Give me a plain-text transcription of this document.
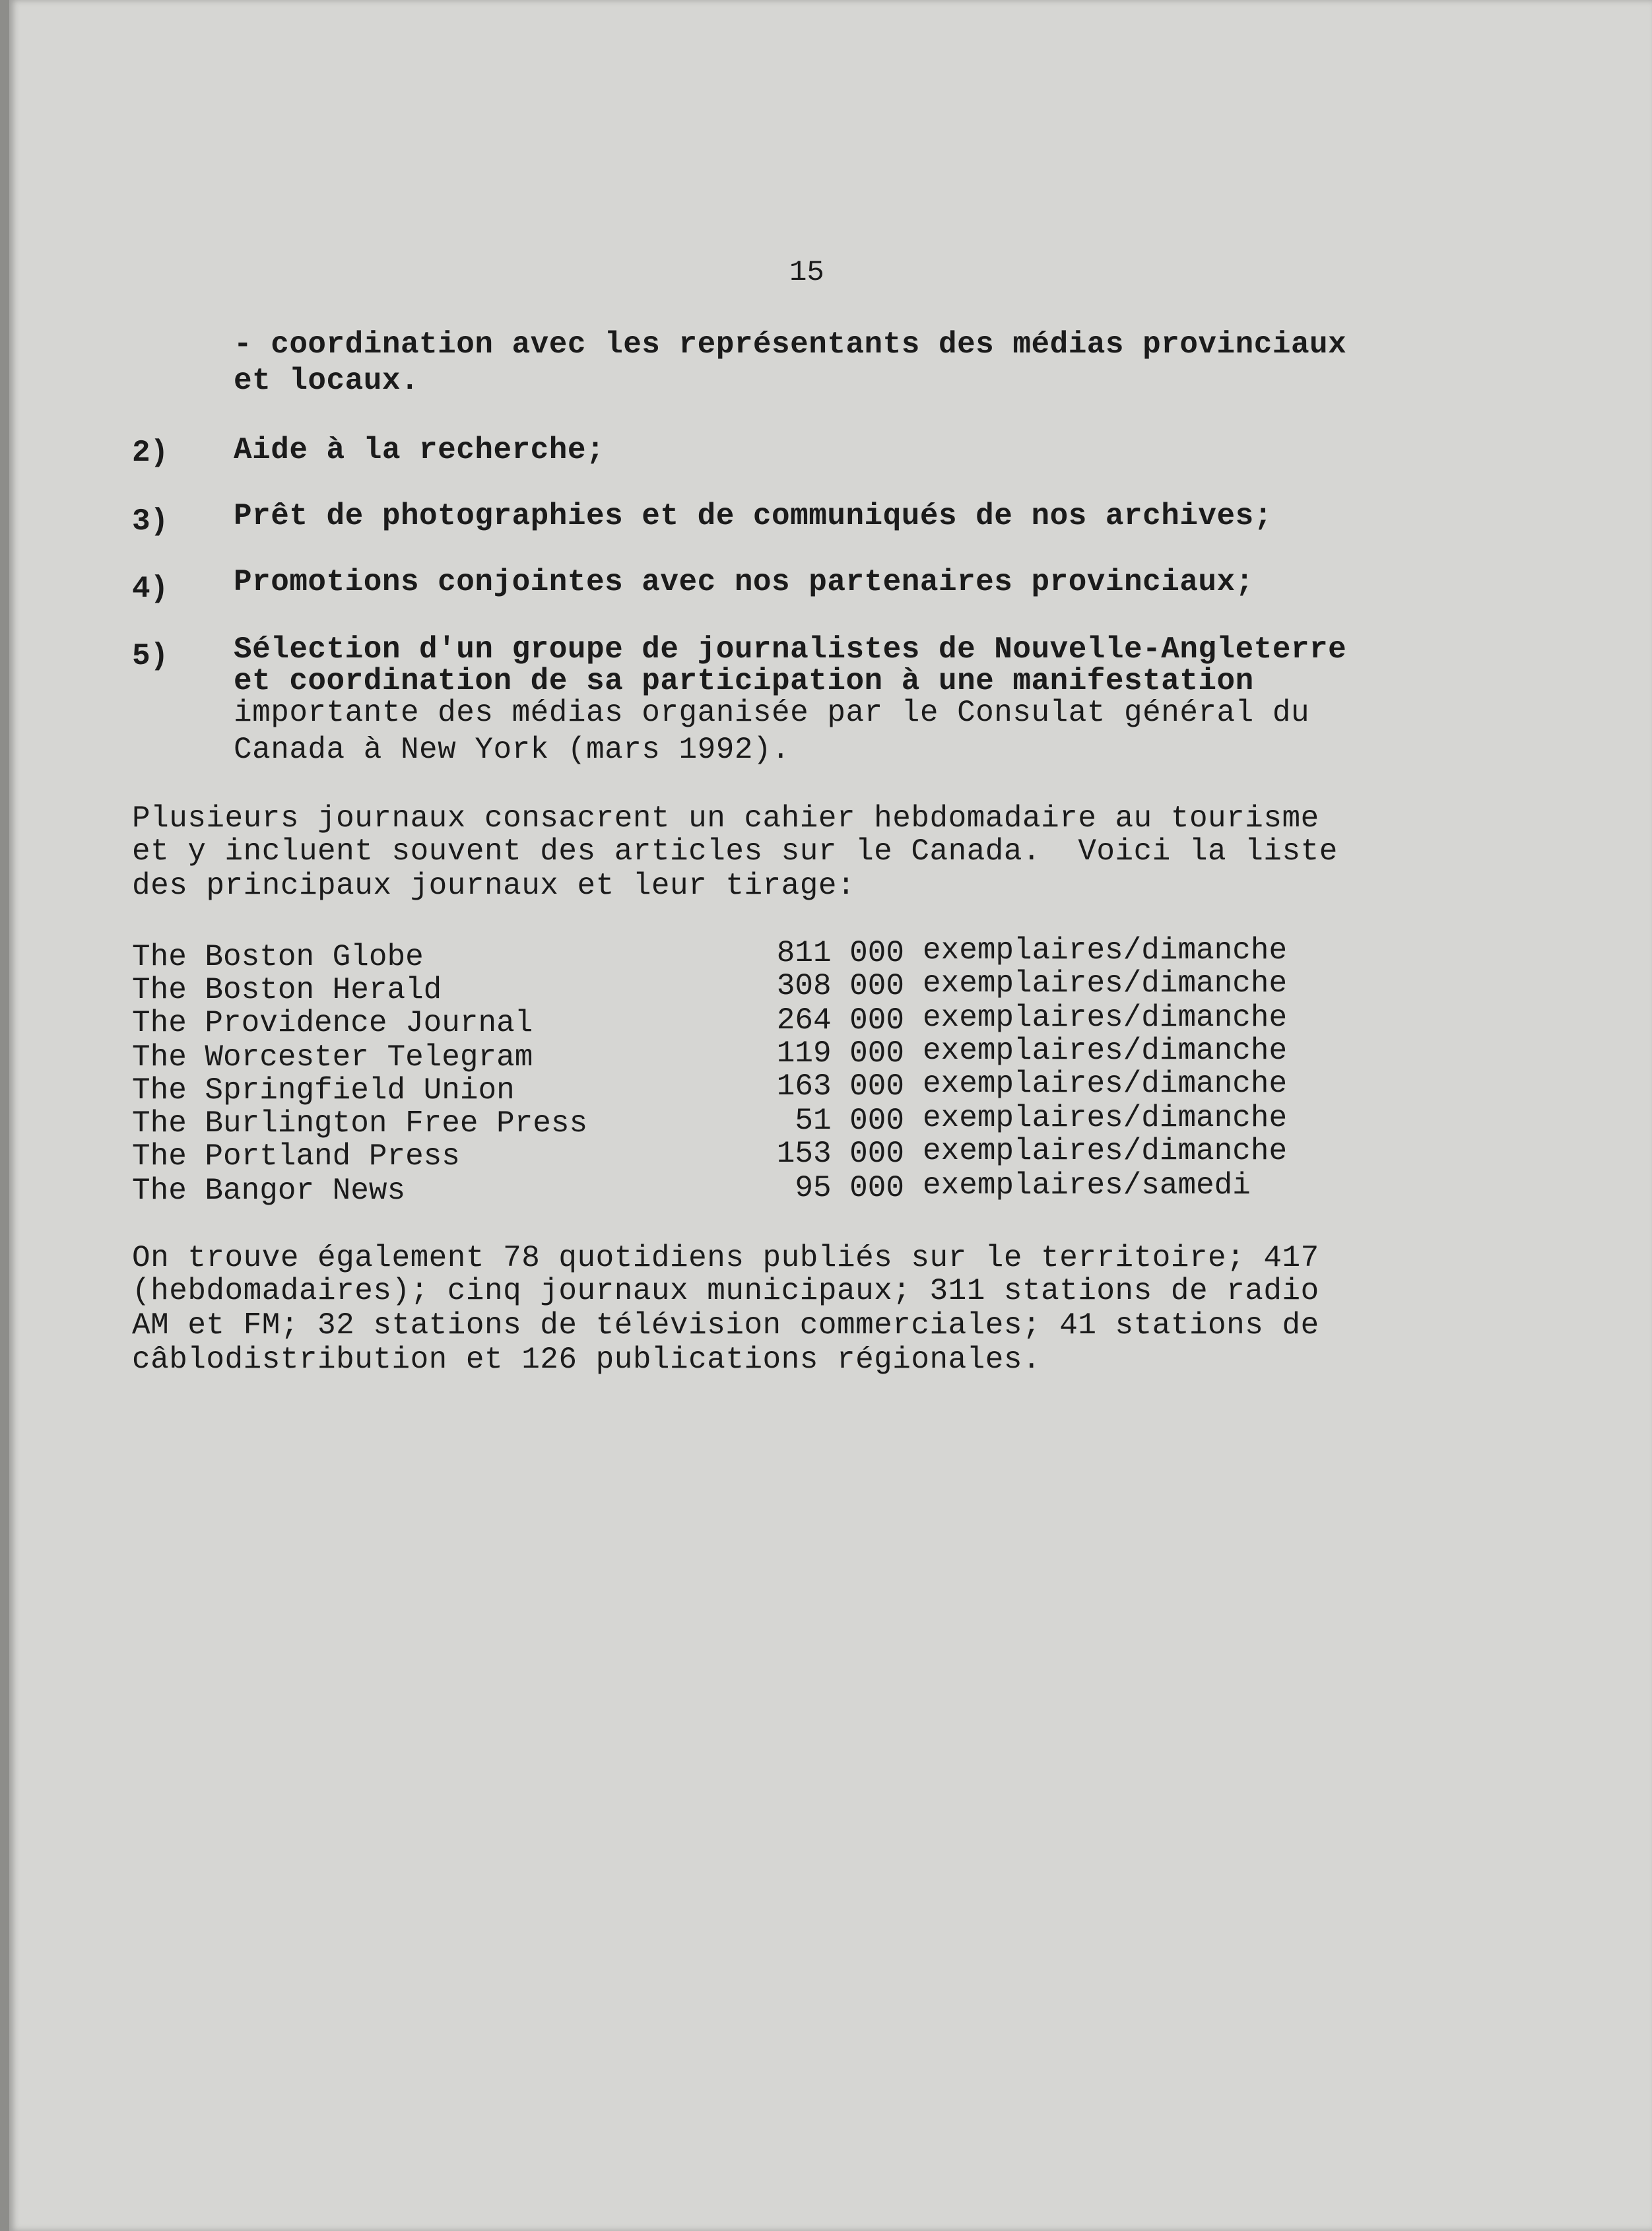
15
- coordination avec les représentants des médias provinciaux
et locaux.
2) Aide à la recherche;
3) Prêt de photographies et de communiqués de nos archives;
4) Promotions conjointes avec nos partenaires provinciaux;
5) Sélection d'un groupe de journalistes de Nouvelle-Angleterre
et coordination de sa participation à une manifestation
importante des médias organisée par le Consulat général du
Canada à New York (mars 1992).
Plusieurs journaux consacrent un cahier hebdomadaire au tourisme
et y incluent souvent des articles sur le Canada.  Voici la liste
des principaux journaux et leur tirage:
The Boston Globe	811 000 exemplaires/dimanche
The Boston Herald	308 000 exemplaires/dimanche
The Providence Journal	264 000 exemplaires/dimanche
The Worcester Telegram	119 000 exemplaires/dimanche
The Springfield Union	163 000 exemplaires/dimanche
The Burlington Free Press	51 000 exemplaires/dimanche
The Portland Press	153 000 exemplaires/dimanche
The Bangor News	95 000 exemplaires/samedi
On trouve également 78 quotidiens publiés sur le territoire; 417
(hebdomadaires); cinq journaux municipaux; 311 stations de radio
AM et FM; 32 stations de télévision commerciales; 41 stations de
câblodistribution et 126 publications régionales.
